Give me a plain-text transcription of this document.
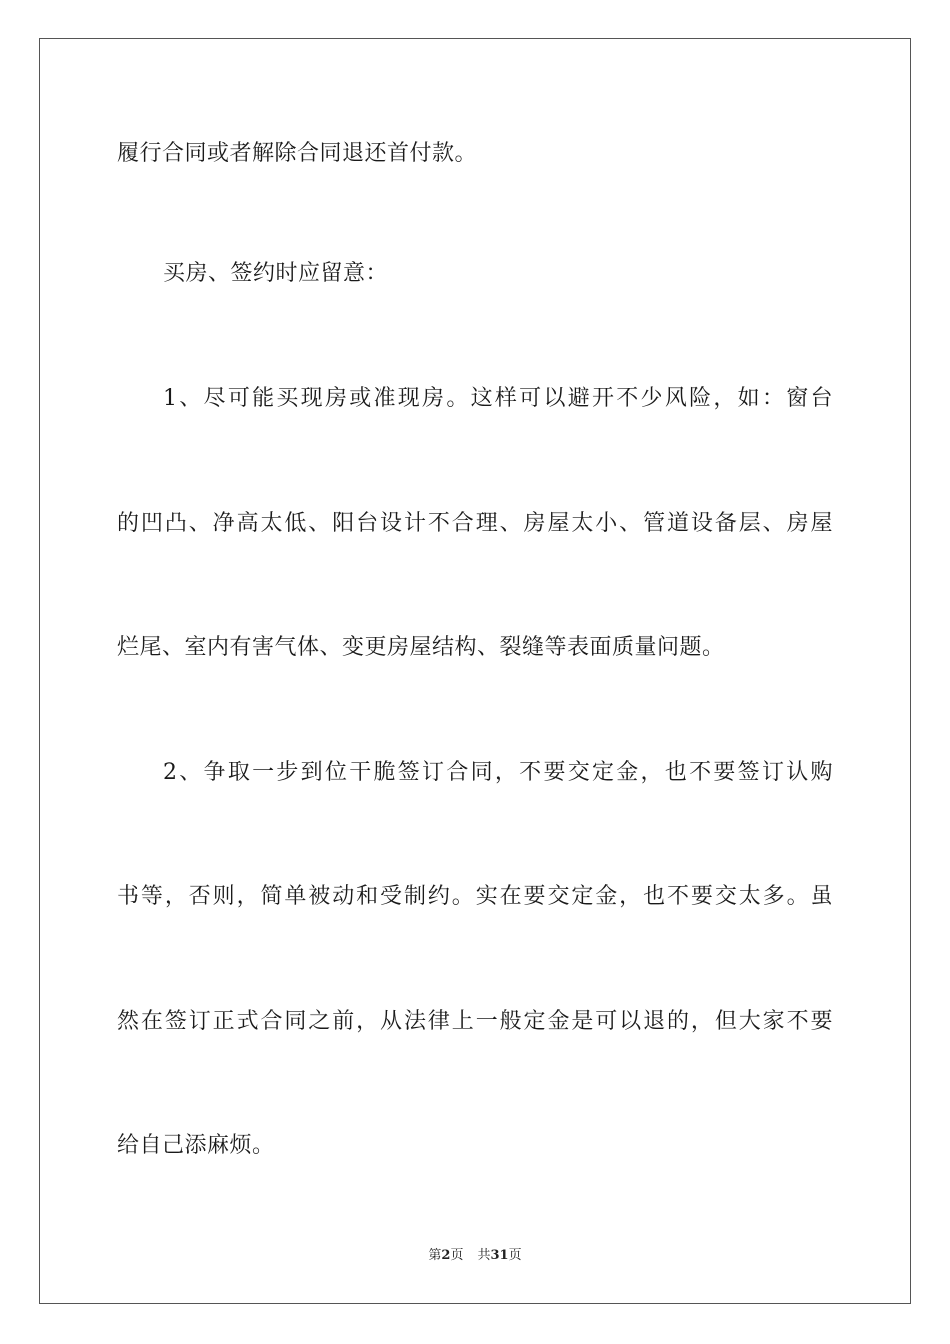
履行合同或者解除合同退还首付款。
买房、签约时应留意：
1、尽可能买现房或准现房。这样可以避开不少风险，如：窗台
的凹凸、净高太低、阳台设计不合理、房屋太小、管道设备层、房屋
烂尾、室内有害气体、变更房屋结构、裂缝等表面质量问题。
2、争取一步到位干脆签订合同，不要交定金，也不要签订认购
书等，否则，简单被动和受制约。实在要交定金，也不要交太多。虽
然在签订正式合同之前，从法律上一般定金是可以退的，但大家不要
给自己添麻烦。
第2页 共31页
